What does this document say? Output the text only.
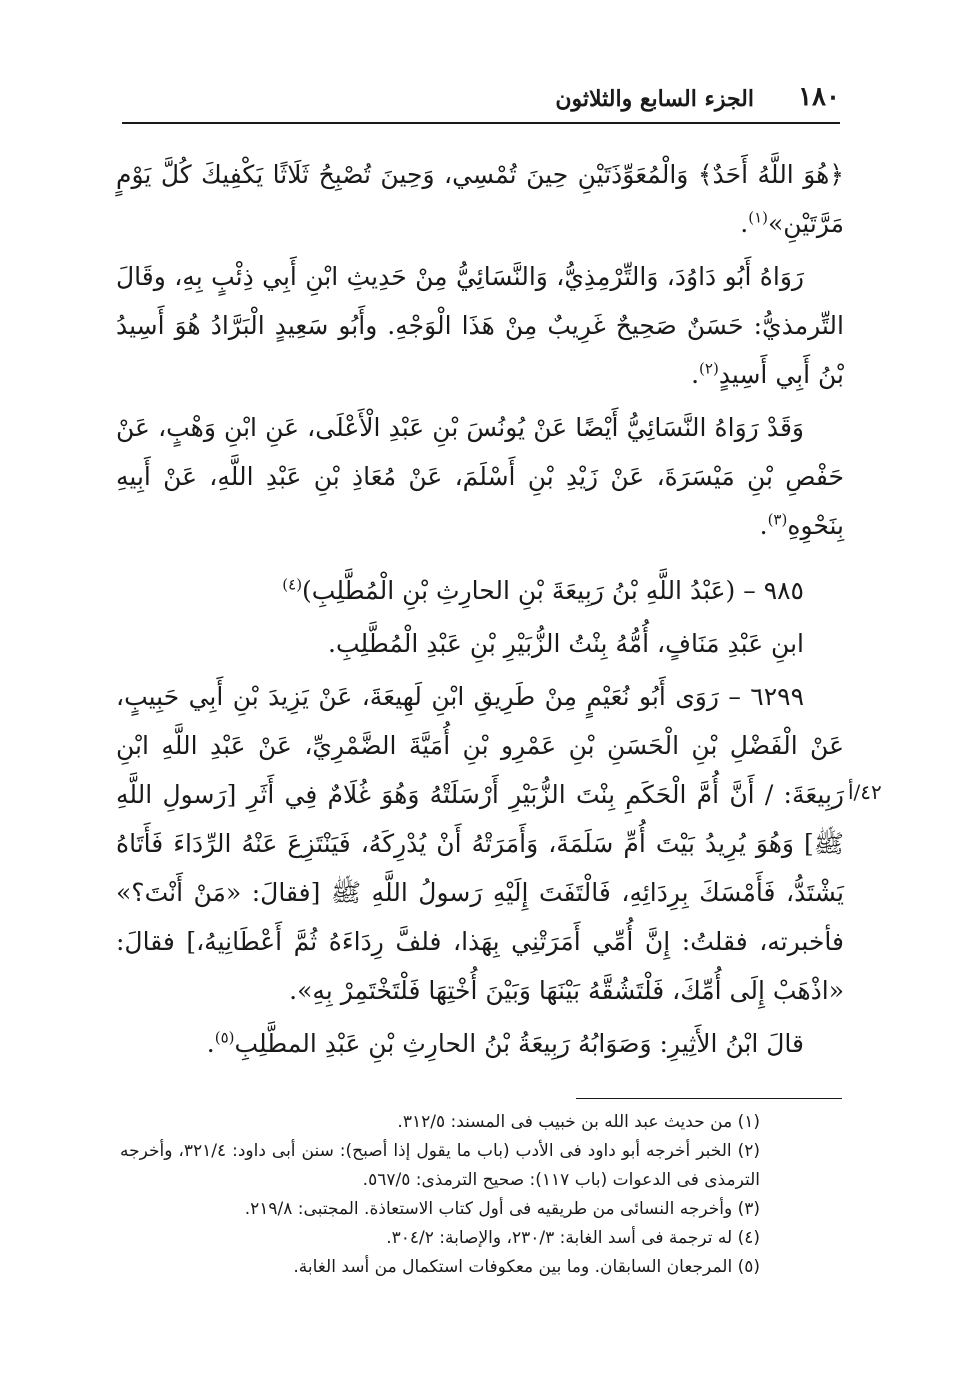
١٨٠
الجزء السابع والثلاثون

﴿هُوَ اللَّهُ أَحَدٌ﴾ وَالْمُعَوِّذَتَيْنِ حِينَ تُمْسِي، وَحِينَ تُصْبِحُ ثَلَاثًا يَكْفِيكَ كُلَّ يَوْمٍ مَرَّتَيْنِ»$^{(١)}$.

رَوَاهُ أَبُو دَاوُدَ، وَالتِّرْمِذِيُّ، وَالنَّسَائِيُّ مِنْ حَدِيثِ ابْنِ أَبِي ذِئْبٍ بِهِ، وقَالَ التِّرمذيُّ: حَسَنٌ صَحِيحٌ غَرِيبٌ مِنْ هَذَا الْوَجْهِ. وأَبُو سَعِيدٍ الْبَرَّادُ هُوَ أَسِيدُ بْنُ أَبِي أَسِيدٍ$^{(٢)}$.

وَقَدْ رَوَاهُ النَّسَائِيُّ أَيْضًا عَنْ يُونُسَ بْنِ عَبْدِ الْأَعْلَى، عَنِ ابْنِ وَهْبٍ، عَنْ حَفْصِ بْنِ مَيْسَرَةَ، عَنْ زَيْدِ بْنِ أَسْلَمَ، عَنْ مُعَاذِ بْنِ عَبْدِ اللَّهِ، عَنْ أَبِيهِ بِنَحْوِهِ$^{(٣)}$.

٩٨٥ – (عَبْدُ اللَّهِ بْنُ رَبِيعَةَ بْنِ الحارِثِ بْنِ الْمُطَّلِبِ)$^{(٤)}$

ابنِ عَبْدِ مَنَافٍ، أُمُّهُ بِنْتُ الزُّبَيْرِ بْنِ عَبْدِ الْمُطَّلِبِ.

٦٢٩٩ – رَوَى أَبُو نُعَيْمٍ مِنْ طَرِيقِ ابْنِ لَهِيعَةَ، عَنْ يَزِيدَ بْنِ أَبِي حَبِيبٍ، عَنْ الْفَضْلِ بْنِ الْحَسَنِ بْنِ عَمْرِو بْنِ أُمَيَّةَ الضَّمْرِيِّ، عَنْ عَبْدِ اللَّهِ ابْنِ رَبِيعَةَ: / أَنَّ أُمَّ الْحَكَمِ بِنْتَ الزُّبَيْرِ أَرْسَلَتْهُ وَهُوَ غُلَامٌ فِي أَثَرِ [رَسولِ اللَّهِ ﷺ] وَهُوَ يُرِيدُ بَيْتَ أُمِّ سَلَمَةَ، وَأَمَرَتْهُ أَنْ يُدْرِكَهُ، فَيَنْتَزِعَ عَنْهُ الرِّدَاءَ فَأَتَاهُ يَشْتَدُّ، فَأَمْسَكَ بِرِدَائِهِ، فَالْتَفَتَ إِلَيْهِ رَسولُ اللَّهِ ﷺ [فقالَ: «مَنْ أَنْتَ؟» فأخبرته، فقلتُ: إِنَّ أُمِّي أَمَرَتْنِي بِهَذا، فلفَّ رِدَاءَهُ ثُمَّ أَعْطَانِيهُ،] فقالَ: «اذْهَبْ إِلَى أُمِّكَ، فَلْتَشُقَّهُ بَيْنَهَا وَبَيْنَ أُخْتِهَا فَلْتَخْتَمِرْ بِهِ».

قالَ ابْنُ الأَثِيرِ: وَصَوَابُهُ رَبِيعَةُ بْنُ الحارِثِ بْنِ عَبْدِ المطَّلِبِ$^{(٥)}$.

٤٢/أ

(١) من حديث عبد الله بن خبيب فى المسند: ٣١٢/٥.

(٢) الخبر أخرجه أبو داود فى الأدب (باب ما يقول إذا أصبح): سنن أبى داود: ٣٢١/٤، وأخرجه الترمذى فى الدعوات (باب ١١٧): صحيح الترمذى: ٥٦٧/٥.

(٣) وأخرجه النسائى من طريقيه فى أول كتاب الاستعاذة. المجتبى: ٢١٩/٨.

(٤) له ترجمة فى أسد الغابة: ٢٣٠/٣، والإصابة: ٣٠٤/٢.

(٥) المرجعان السابقان. وما بين معكوفات استكمال من أسد الغابة.
